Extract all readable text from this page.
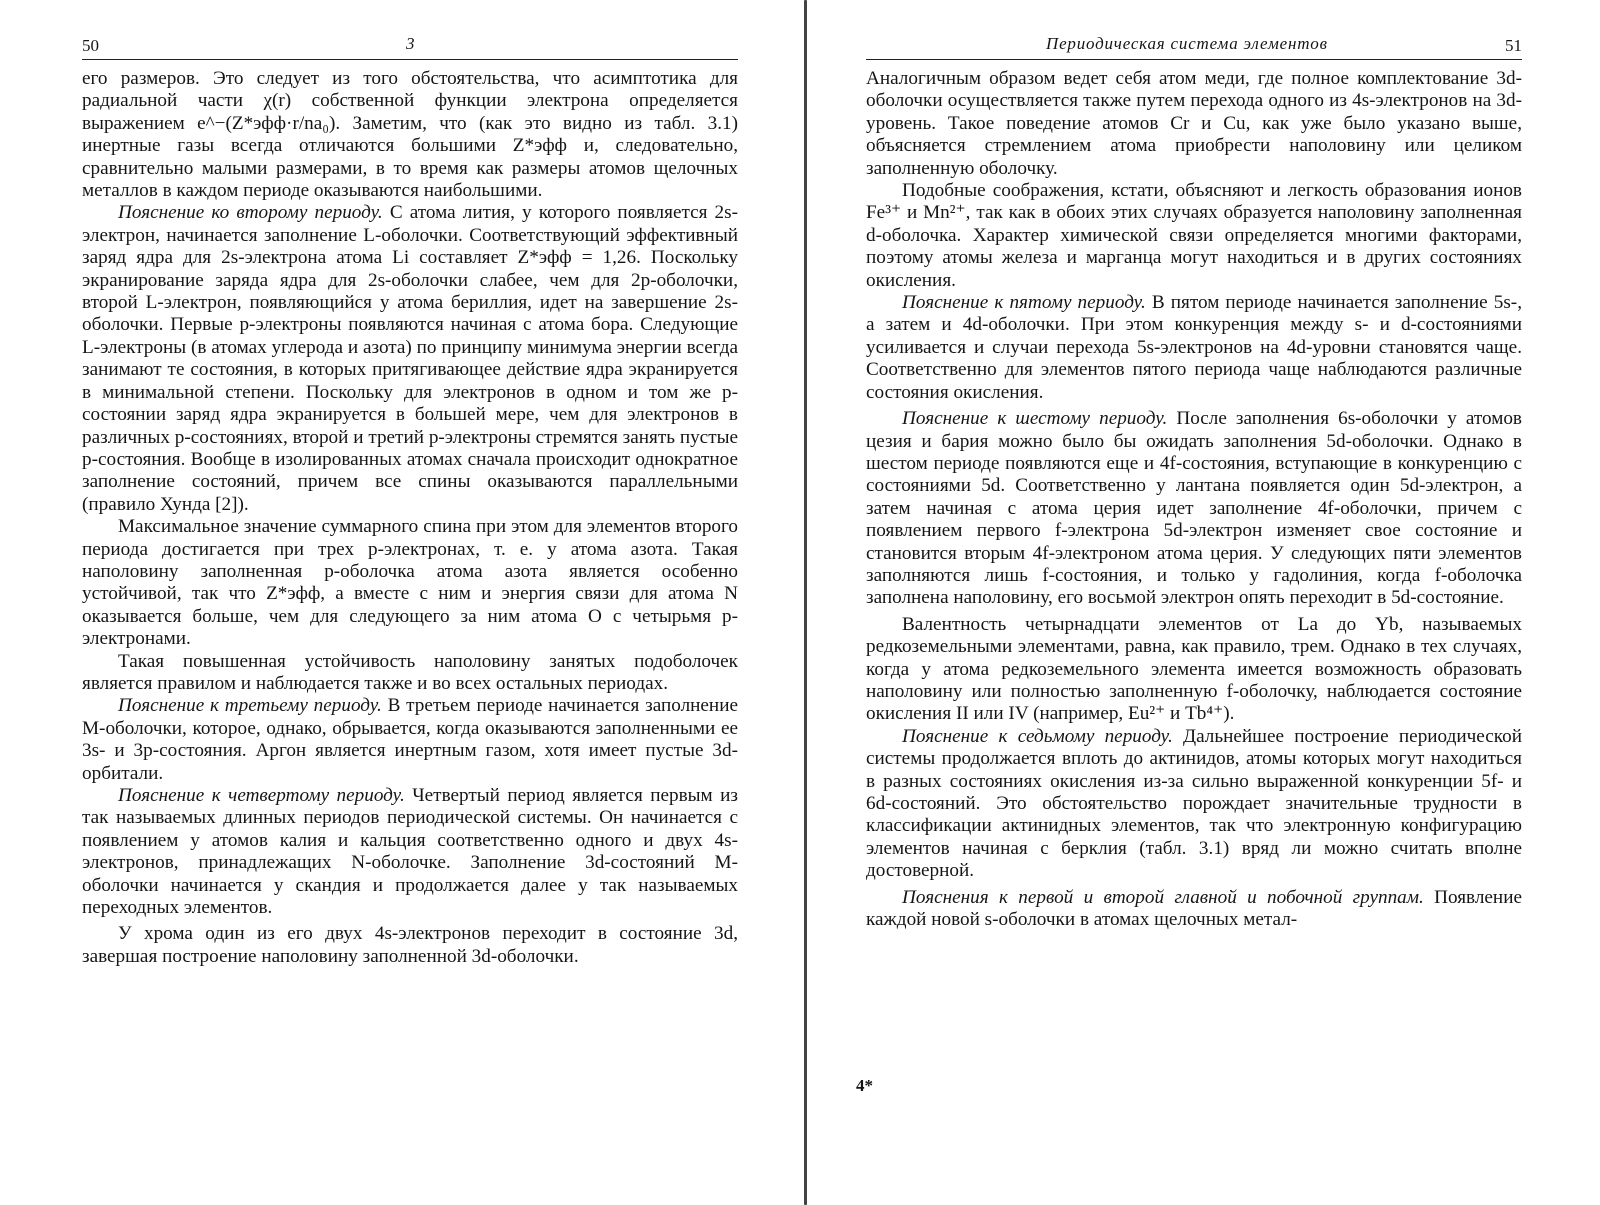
50	3

его размеров. Это следует из того обстоятельства, что асимптотика для радиальной части χ(r) собственной функции электрона определяется выражением e^−(Z*эфф·r/na₀). Заметим, что (как это видно из табл. 3.1) инертные газы всегда отличаются большими Z*эфф и, следовательно, сравнительно малыми размерами, в то время как размеры атомов щелочных металлов в каждом периоде оказываются наибольшими.

Пояснение ко второму периоду. С атома лития, у которого появляется 2s-электрон, начинается заполнение L-оболочки. Соответствующий эффективный заряд ядра для 2s-электрона атома Li составляет Z*эфф = 1,26. Поскольку экранирование заряда ядра для 2s-оболочки слабее, чем для 2p-оболочки, второй L-электрон, появляющийся у атома бериллия, идет на завершение 2s-оболочки. Первые p-электроны появляются начиная с атома бора. Следующие L-электроны (в атомах углерода и азота) по принципу минимума энергии всегда занимают те состояния, в которых притягивающее действие ядра экранируется в минимальной степени. Поскольку для электронов в одном и том же p-состоянии заряд ядра экранируется в большей мере, чем для электронов в различных p-состояниях, второй и третий p-электроны стремятся занять пустые p-состояния. Вообще в изолированных атомах сначала происходит однократное заполнение состояний, причем все спины оказываются параллельными (правило Хунда [2]).

Максимальное значение суммарного спина при этом для элементов второго периода достигается при трех p-электронах, т. е. у атома азота. Такая наполовину заполненная p-оболочка атома азота является особенно устойчивой, так что Z*эфф, а вместе с ним и энергия связи для атома N оказывается больше, чем для следующего за ним атома O с четырьмя p-электронами.

Такая повышенная устойчивость наполовину занятых подоболочек является правилом и наблюдается также и во всех остальных периодах.

Пояснение к третьему периоду. В третьем периоде начинается заполнение M-оболочки, которое, однако, обрывается, когда оказываются заполненными ее 3s- и 3p-состояния. Аргон является инертным газом, хотя имеет пустые 3d-орбитали.

Пояснение к четвертому периоду. Четвертый период является первым из так называемых длинных периодов периодической системы. Он начинается с появлением у атомов калия и кальция соответственно одного и двух 4s-электронов, принадлежащих N-оболочке. Заполнение 3d-состояний M-оболочки начинается у скандия и продолжается далее у так называемых переходных элементов.

У хрома один из его двух 4s-электронов переходит в состояние 3d, завершая построение наполовину заполненной 3d-оболочки.

Периодическая система элементов	51

Аналогичным образом ведет себя атом меди, где полное комплектование 3d-оболочки осуществляется также путем перехода одного из 4s-электронов на 3d-уровень. Такое поведение атомов Cr и Cu, как уже было указано выше, объясняется стремлением атома приобрести наполовину или целиком заполненную оболочку.

Подобные соображения, кстати, объясняют и легкость образования ионов Fe³⁺ и Mn²⁺, так как в обоих этих случаях образуется наполовину заполненная d-оболочка. Характер химической связи определяется многими факторами, поэтому атомы железа и марганца могут находиться и в других состояниях окисления.

Пояснение к пятому периоду. В пятом периоде начинается заполнение 5s-, а затем и 4d-оболочки. При этом конкуренция между s- и d-состояниями усиливается и случаи перехода 5s-электронов на 4d-уровни становятся чаще. Соответственно для элементов пятого периода чаще наблюдаются различные состояния окисления.

Пояснение к шестому периоду. После заполнения 6s-оболочки у атомов цезия и бария можно было бы ожидать заполнения 5d-оболочки. Однако в шестом периоде появляются еще и 4f-состояния, вступающие в конкуренцию с состояниями 5d. Соответственно у лантана появляется один 5d-электрон, а затем начиная с атома церия идет заполнение 4f-оболочки, причем с появлением первого f-электрона 5d-электрон изменяет свое состояние и становится вторым 4f-электроном атома церия. У следующих пяти элементов заполняются лишь f-состояния, и только у гадолиния, когда f-оболочка заполнена наполовину, его восьмой электрон опять переходит в 5d-состояние.

Валентность четырнадцати элементов от La до Yb, называемых редкоземельными элементами, равна, как правило, трем. Однако в тех случаях, когда у атома редкоземельного элемента имеется возможность образовать наполовину или полностью заполненную f-оболочку, наблюдается состояние окисления II или IV (например, Eu²⁺ и Tb⁴⁺).

Пояснение к седьмому периоду. Дальнейшее построение периодической системы продолжается вплоть до актинидов, атомы которых могут находиться в разных состояниях окисления из-за сильно выраженной конкуренции 5f- и 6d-состояний. Это обстоятельство порождает значительные трудности в классификации актинидных элементов, так что электронную конфигурацию элементов начиная с берклия (табл. 3.1) вряд ли можно считать вполне достоверной.

Пояснения к первой и второй главной и побочной группам. Появление каждой новой s-оболочки в атомах щелочных метал-

4*
